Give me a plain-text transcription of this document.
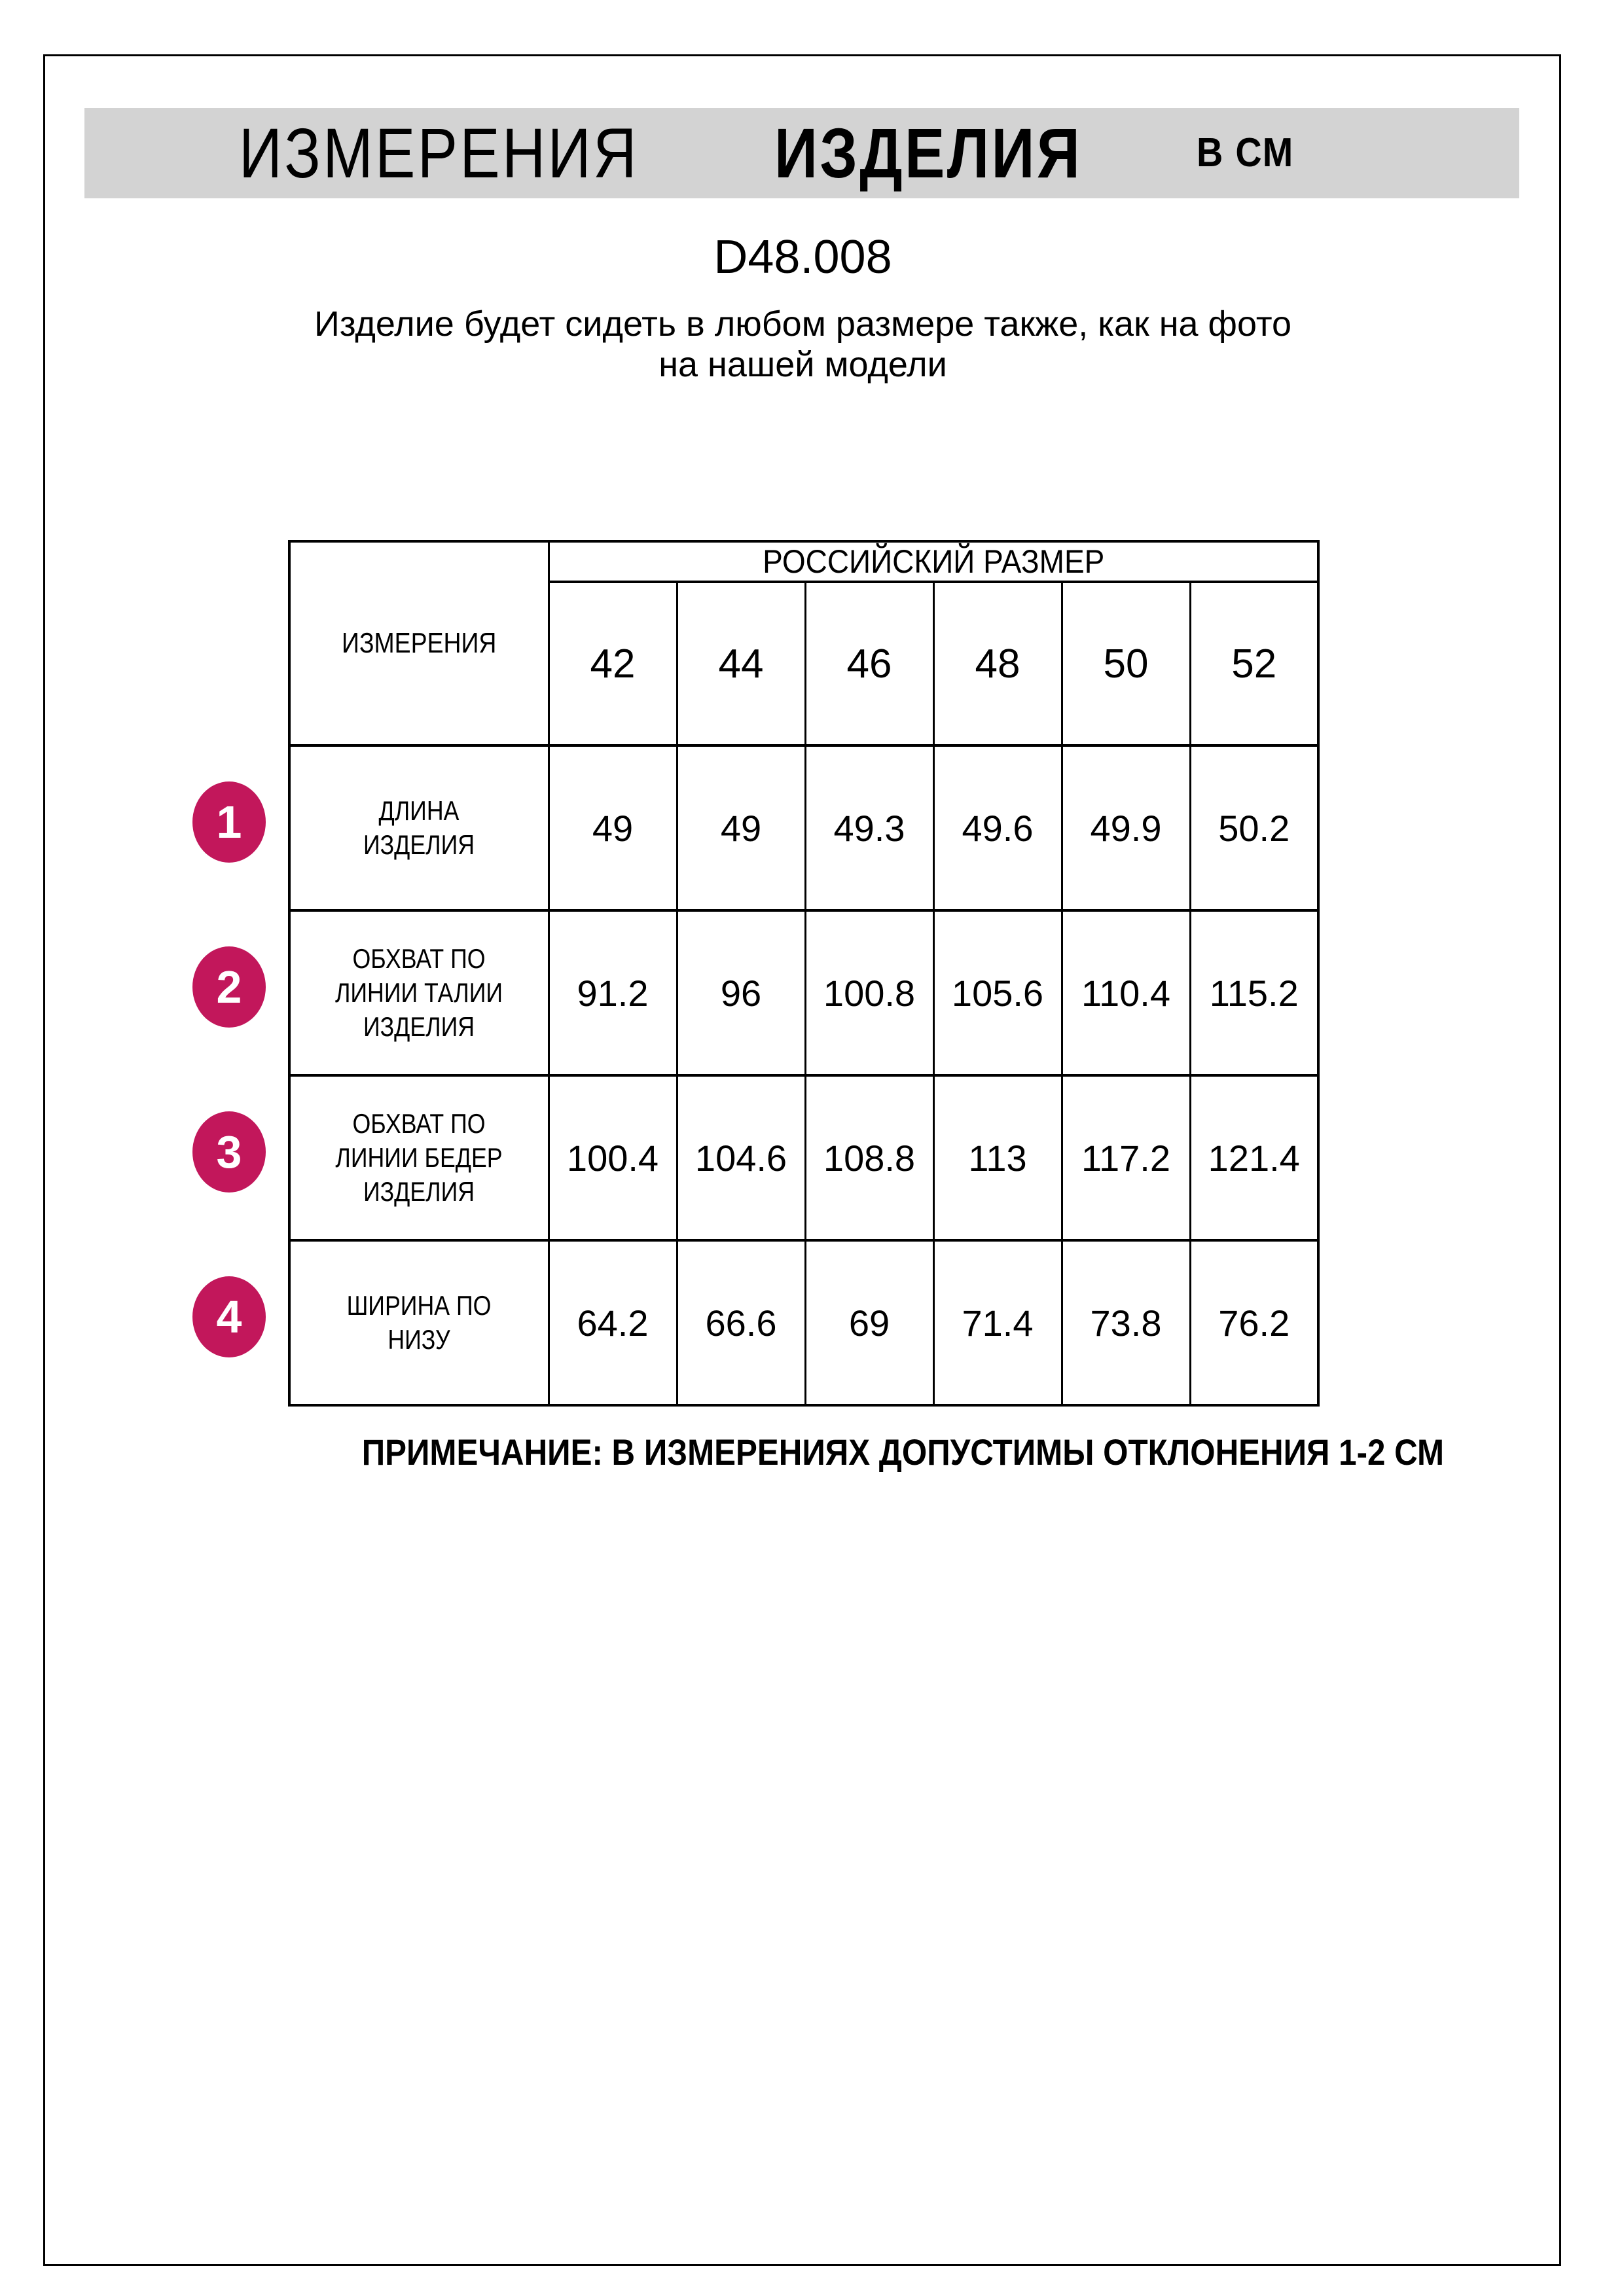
ИЗМЕРЕНИЯ ИЗДЕЛИЯ	В СМ
D48.008
Изделие будет сидеть в любом размере также, как на фото
на нашей модели
ИЗМЕРЕНИЯ	РОССИЙСКИЙ РАЗМЕР					

	42	44	46	48	50	52

ДЛИНА ИЗДЕЛИЯ	49	49	49.3	49.6	49.9	50.2

ОБХВАТ ПО ЛИНИИ ТАЛИИ ИЗДЕЛИЯ	91.2	96	100.8	105.6	110.4	115.2

ОБХВАТ ПО ЛИНИИ БЕДЕР ИЗДЕЛИЯ	100.4	104.6	108.8	113	117.2	121.4

ШИРИНА ПО НИЗУ	64.2	66.6	69	71.4	73.8	76.2
1
2
3
4
ПРИМЕЧАНИЕ: В ИЗМЕРЕНИЯХ ДОПУСТИМЫ ОТКЛОНЕНИЯ 1-2 СМ
